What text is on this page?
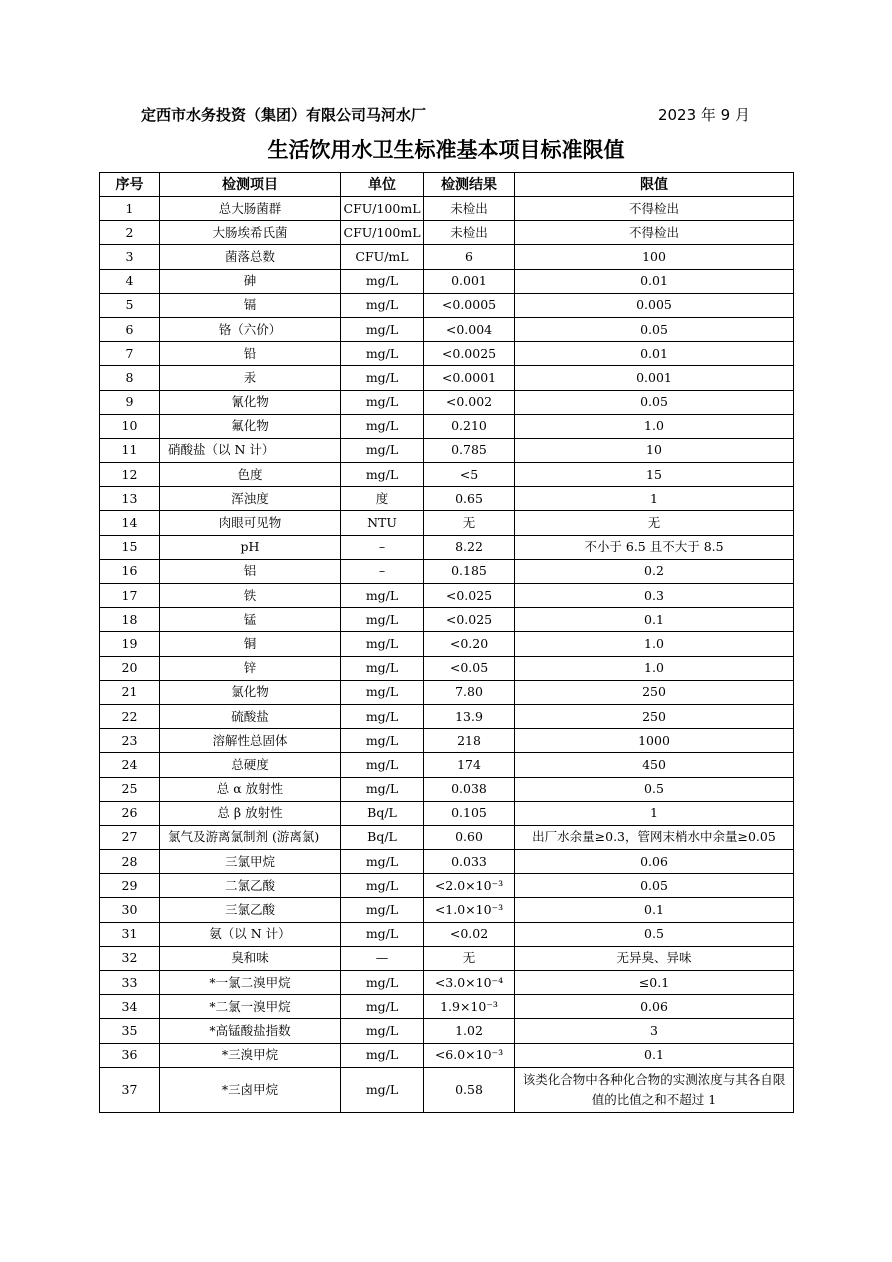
定西市水务投资（集团）有限公司马河水厂	2023 年 9 月
生活饮用水卫生标准基本项目标准限值
序号	检测项目	单位	检测结果	限值
1	总大肠菌群	CFU/100mL	未检出	不得检出
2	大肠埃希氏菌	CFU/100mL	未检出	不得检出
3	菌落总数	CFU/mL	6	100
4	砷	mg/L	0.001	0.01
5	镉	mg/L	<0.0005	0.005
6	铬（六价）	mg/L	<0.004	0.05
7	铅	mg/L	<0.0025	0.01
8	汞	mg/L	<0.0001	0.001
9	氰化物	mg/L	<0.002	0.05
10	氟化物	mg/L	0.210	1.0
11	硝酸盐（以 N 计）	mg/L	0.785	10
12	色度	mg/L	<5	15
13	浑浊度	度	0.65	1
14	肉眼可见物	NTU	无	无
15	pH	–	8.22	不小于 6.5 且不大于 8.5
16	铝	–	0.185	0.2
17	铁	mg/L	<0.025	0.3
18	锰	mg/L	<0.025	0.1
19	铜	mg/L	<0.20	1.0
20	锌	mg/L	<0.05	1.0
21	氯化物	mg/L	7.80	250
22	硫酸盐	mg/L	13.9	250
23	溶解性总固体	mg/L	218	1000
24	总硬度	mg/L	174	450
25	总 α 放射性	mg/L	0.038	0.5
26	总 β 放射性	Bq/L	0.105	1
27	氯气及游离氯制剂 (游离氯)	Bq/L	0.60	出厂水余量≥0.3，管网末梢水中余量≥0.05
28	三氯甲烷	mg/L	0.033	0.06
29	二氯乙酸	mg/L	<2.0×10⁻³	0.05
30	三氯乙酸	mg/L	<1.0×10⁻³	0.1
31	氨（以 N 计）	mg/L	<0.02	0.5
32	臭和味	—	无	无异臭、异味
33	*一氯二溴甲烷	mg/L	<3.0×10⁻⁴	≤0.1
34	*二氯一溴甲烷	mg/L	1.9×10⁻³	0.06
35	*高锰酸盐指数	mg/L	1.02	3
36	*三溴甲烷	mg/L	<6.0×10⁻³	0.1
37	*三卤甲烷	mg/L	0.58	该类化合物中各种化合物的实测浓度与其各自限值的比值之和不超过 1
